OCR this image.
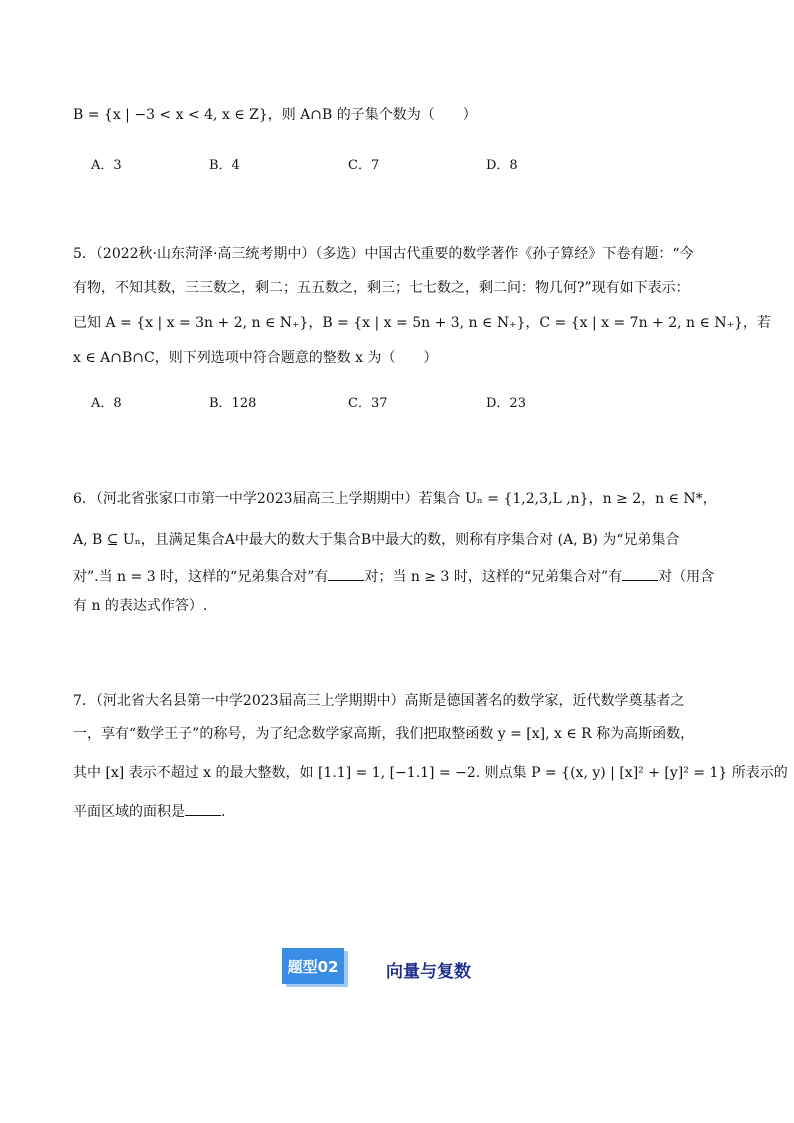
B = {x | −3 < x < 4, x ∈ Z}，则 A∩B 的子集个数为（　　）
A．3	B．4	C．7	D．8
5．（2022秋·山东菏泽·高三统考期中）（多选）中国古代重要的数学著作《孙子算经》下卷有题：“今
有物，不知其数，三三数之，剩二；五五数之，剩三；七七数之，剩二问：物几何?”现有如下表示：
已知 A = {x | x = 3n + 2, n ∈ N₊}，B = {x | x = 5n + 3, n ∈ N₊}，C = {x | x = 7n + 2, n ∈ N₊}，若
x ∈ A∩B∩C，则下列选项中符合题意的整数 x 为（　　）
A．8	B．128	C．37	D．23
6．（河北省张家口市第一中学2023届高三上学期期中）若集合 Uₙ = {1,2,3,L ,n}，n ≥ 2，n ∈ N*，
A, B ⊆ Uₙ，且满足集合A中最大的数大于集合B中最大的数，则称有序集合对 (A, B) 为“兄弟集合
对”.当 n = 3 时，这样的“兄弟集合对”有	对；当 n ≥ 3 时，这样的“兄弟集合对”有	对（用含
有 n 的表达式作答）.
7．（河北省大名县第一中学2023届高三上学期期中）高斯是德国著名的数学家，近代数学奠基者之
一，享有“数学王子”的称号，为了纪念数学家高斯，我们把取整函数 y = [x], x ∈ R 称为高斯函数，
其中 [x] 表示不超过 x 的最大整数，如 [1.1] = 1, [−1.1] = −2. 则点集 P = {(x, y) | [x]² + [y]² = 1} 所表示的
平面区域的面积是	.
题型02	向量与复数
